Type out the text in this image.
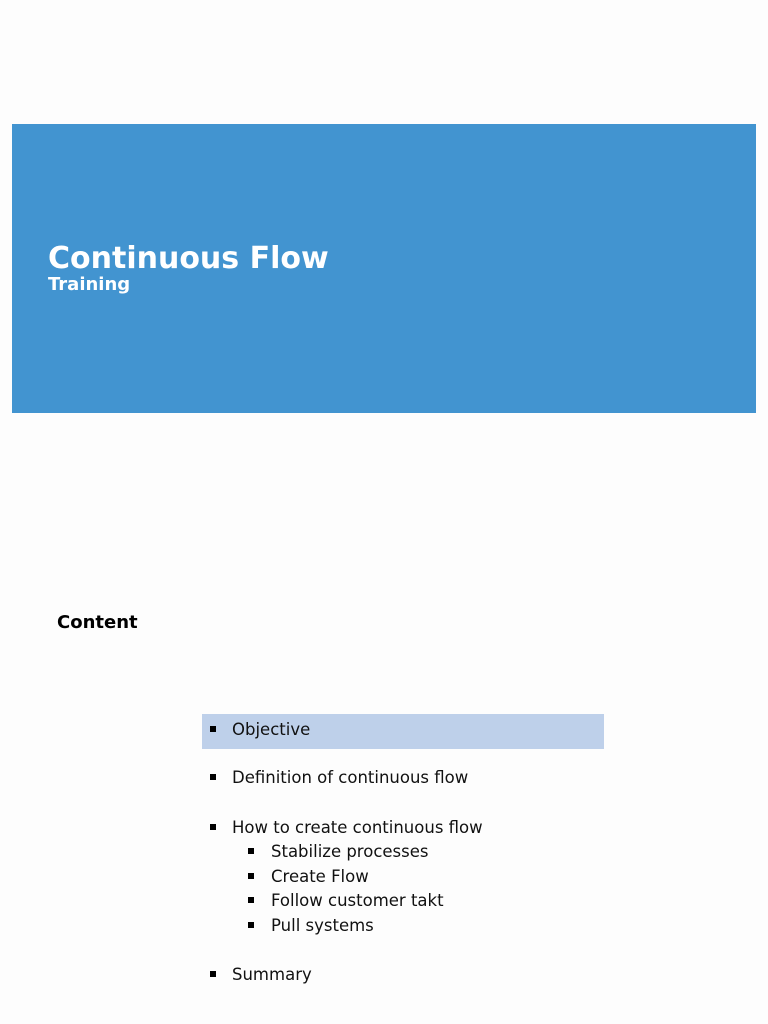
Continuous Flow
Training
Content
Objective
Definition of continuous flow
How to create continuous flow
Stabilize processes
Create Flow
Follow customer takt
Pull systems
Summary
